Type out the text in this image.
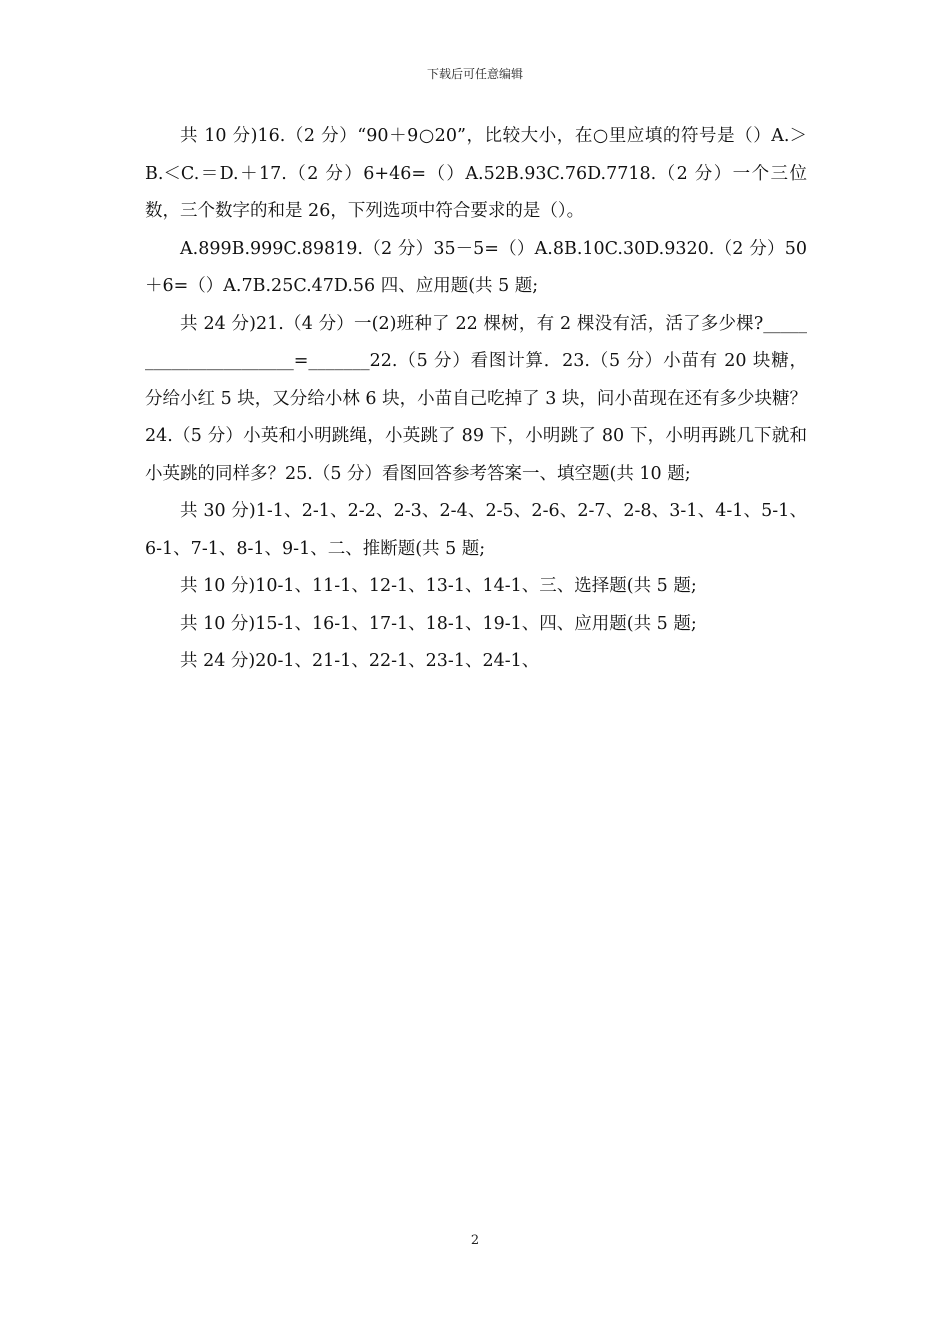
下载后可任意编辑

共 10 分)16.（2 分）“90＋9○20”，比较大小，在○里应填的符号是（）A.＞B.＜C.＝D.＋17.（2 分）6+46=（）A.52B.93C.76D.7718.（2 分）一个三位数，三个数字的和是 26，下列选项中符合要求的是（）。

A.899B.999C.89819.（2 分）35－5=（）A.8B.10C.30D.9320.（2 分）50＋6=（）A.7B.25C.47D.56 四、应用题(共 5 题;

共 24 分)21.（4 分）一(2)班种了 22 棵树，有 2 棵没有活，活了多少棵?______________________=_______22.（5 分）看图计算．23.（5 分）小苗有 20 块糖，分给小红 5 块，又分给小林 6 块，小苗自己吃掉了 3 块，问小苗现在还有多少块糖？24.（5 分）小英和小明跳绳，小英跳了 89 下，小明跳了 80 下，小明再跳几下就和小英跳的同样多？25.（5 分）看图回答参考答案一、填空题(共 10 题;

共 30 分)1-1、2-1、2-2、2-3、2-4、2-5、2-6、2-7、2-8、3-1、4-1、5-1、6-1、7-1、8-1、9-1、二、推断题(共 5 题;

共 10 分)10-1、11-1、12-1、13-1、14-1、三、选择题(共 5 题;

共 10 分)15-1、16-1、17-1、18-1、19-1、四、应用题(共 5 题;

共 24 分)20-1、21-1、22-1、23-1、24-1、

2
